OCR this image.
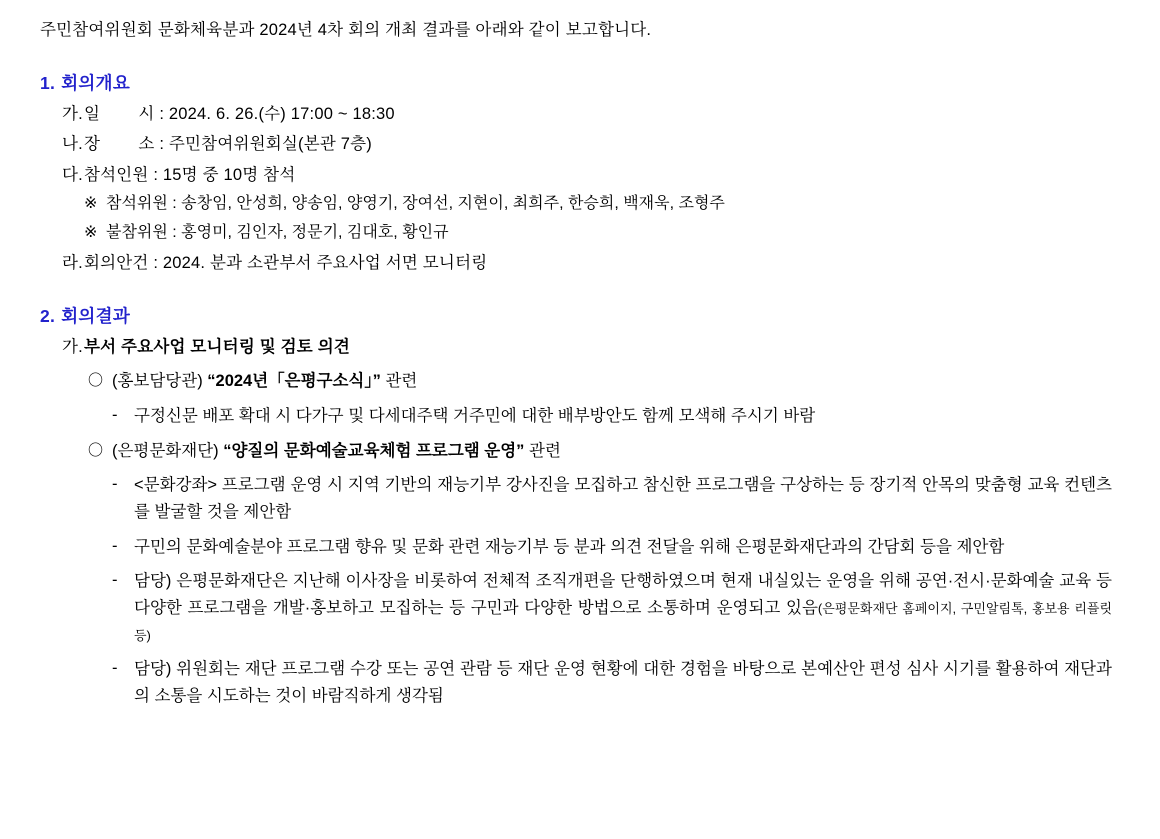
주민참여위원회 문화체육분과 2024년 4차 회의 개최 결과를 아래와 같이 보고합니다.

1. 회의개요
가. 일        시 : 2024. 6. 26.(수) 17:00 ~ 18:30
나. 장        소 : 주민참여위원회실(본관 7층)
다. 참석인원 : 15명 중 10명 참석
※ 참석위원 : 송창임, 안성희, 양송임, 양영기, 장여선, 지현이, 최희주, 한승희, 백재욱, 조형주
※ 불참위원 : 홍영미, 김인자, 정문기, 김대호, 황인규
라. 회의안건 : 2024. 분과 소관부서 주요사업 서면 모니터링
2. 회의결과
가. 부서 주요사업 모니터링 및 검토 의견
〇 (홍보담당관) “2024년「은평구소식」” 관련
-	구정신문 배포 확대 시 다가구 및 다세대주택 거주민에 대한 배부방안도 함께 모색해 주시기 바람
〇 (은평문화재단) “양질의 문화예술교육체험 프로그램 운영” 관련
-	<문화강좌> 프로그램 운영 시 지역 기반의 재능기부 강사진을 모집하고 참신한 프로그램을 구상하는 등 장기적 안목의 맞춤형 교육 컨텐츠를 발굴할 것을 제안함
-	구민의 문화예술분야 프로그램 향유 및 문화 관련 재능기부 등 분과 의견 전달을 위해 은평문화재단과의 간담회 등을 제안함
-	담당) 은평문화재단은 지난해 이사장을 비롯하여 전체적 조직개편을 단행하였으며 현재 내실있는 운영을 위해 공연·전시·문화예술 교육 등 다양한 프로그램을 개발·홍보하고 모집하는 등 구민과 다양한 방법으로 소통하며 운영되고 있음(은평문화재단 홈페이지, 구민알림톡, 홍보용 리플릿 등)
-	담당) 위원회는 재단 프로그램 수강 또는 공연 관람 등 재단 운영 현황에 대한 경험을 바탕으로 본예산안 편성 심사 시기를 활용하여 재단과의 소통을 시도하는 것이 바람직하게 생각됨
